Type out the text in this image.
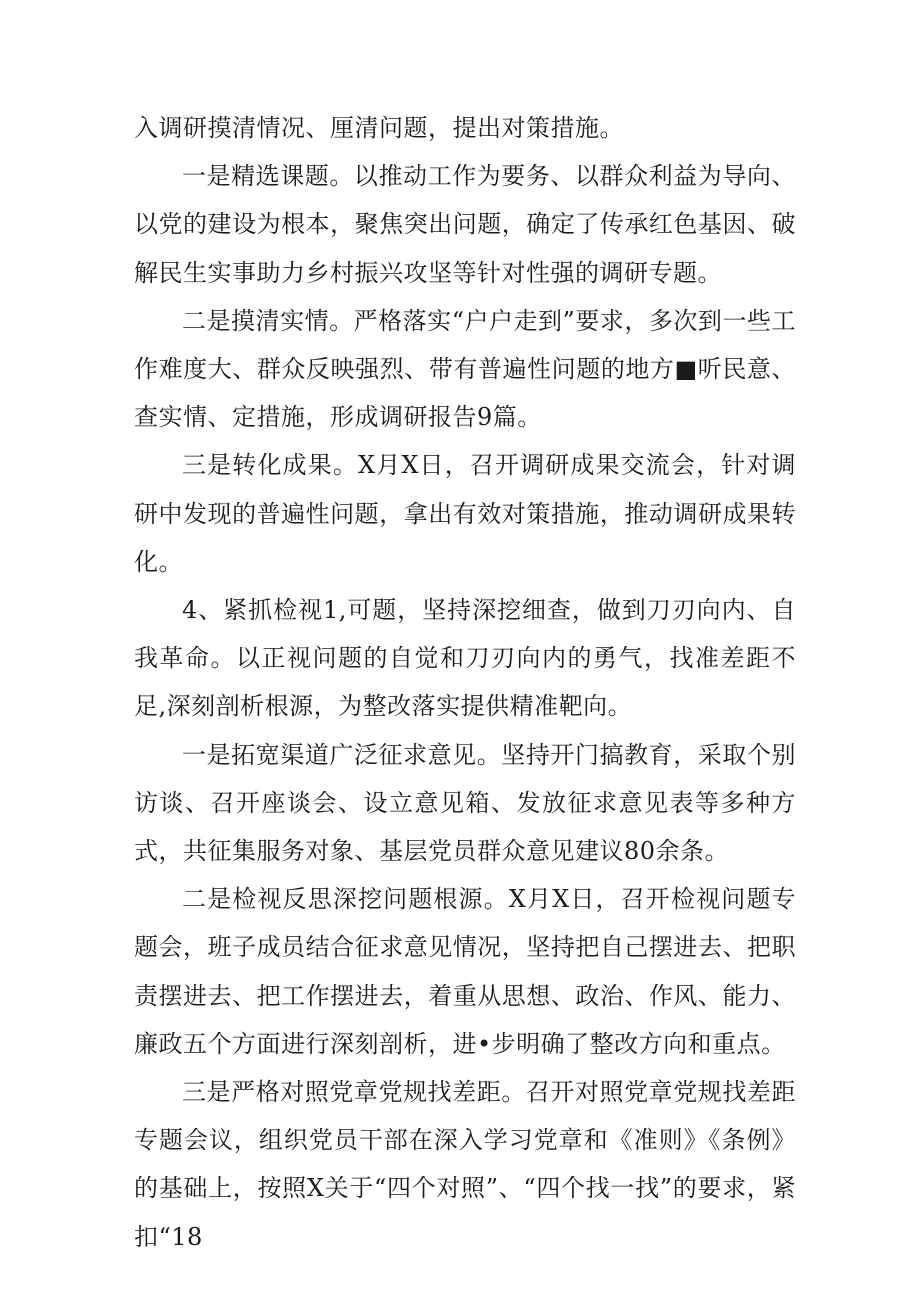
入调研摸清情况、厘清问题，提出对策措施。

一是精选课题。以推动工作为要务、以群众利益为导向、以党的建设为根本，聚焦突出问题，确定了传承红色基因、破解民生实事助力乡村振兴攻坚等针对性强的调研专题。

二是摸清实情。严格落实“户户走到”要求，多次到一些工作难度大、群众反映强烈、带有普遍性问题的地方■听民意、查实情、定措施，形成调研报告9篇。

三是转化成果。X月X日，召开调研成果交流会，针对调研中发现的普遍性问题，拿出有效对策措施，推动调研成果转化。

4、紧抓检视1,可题，坚持深挖细查，做到刀刃向内、自我革命。以正视问题的自觉和刀刃向内的勇气，找准差距不足,深刻剖析根源，为整改落实提供精准靶向。

一是拓宽渠道广泛征求意见。坚持开门搞教育，采取个别访谈、召开座谈会、设立意见箱、发放征求意见表等多种方式，共征集服务对象、基层党员群众意见建议80余条。

二是检视反思深挖问题根源。X月X日，召开检视问题专题会，班子成员结合征求意见情况，坚持把自己摆进去、把职责摆进去、把工作摆进去，着重从思想、政治、作风、能力、廉政五个方面进行深刻剖析，进•步明确了整改方向和重点。

三是严格对照党章党规找差距。召开对照党章党规找差距专题会议，组织党员干部在深入学习党章和《准则》《条例》的基础上，按照X关于“四个对照”、“四个找一找”的要求，紧扣“18
